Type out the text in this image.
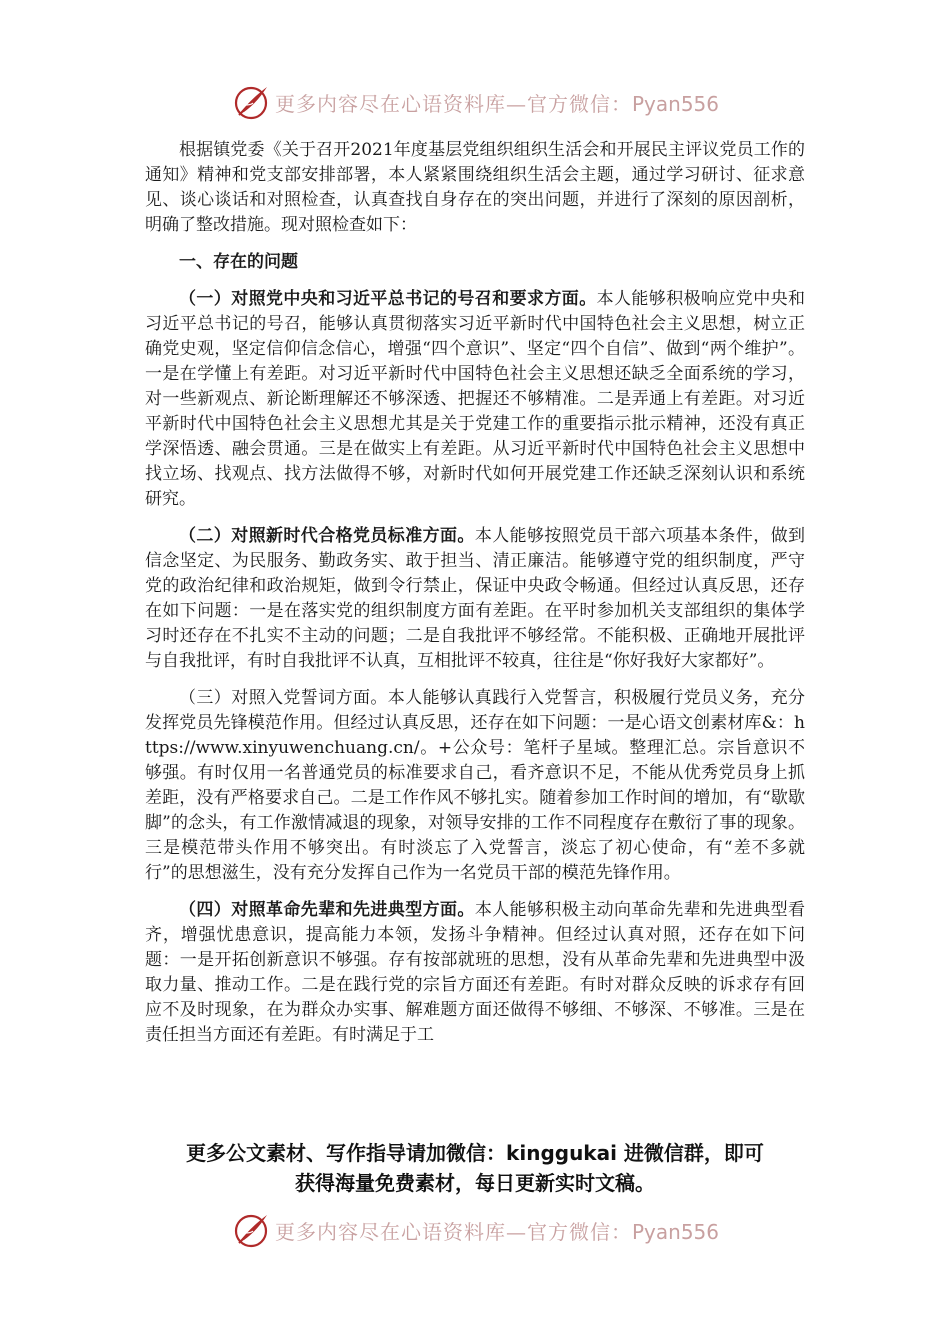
更多内容尽在心语资料库—官方微信：Pyan556

根据镇党委《关于召开2021年度基层党组织组织生活会和开展民主评议党员工作的通知》精神和党支部安排部署，本人紧紧围绕组织生活会主题，通过学习研讨、征求意见、谈心谈话和对照检查，认真查找自身存在的突出问题，并进行了深刻的原因剖析，明确了整改措施。现对照检查如下：

一、存在的问题

（一）对照党中央和习近平总书记的号召和要求方面。本人能够积极响应党中央和习近平总书记的号召，能够认真贯彻落实习近平新时代中国特色社会主义思想，树立正确党史观，坚定信仰信念信心，增强“四个意识”、坚定“四个自信”、做到“两个维护”。一是在学懂上有差距。对习近平新时代中国特色社会主义思想还缺乏全面系统的学习，对一些新观点、新论断理解还不够深透、把握还不够精准。二是弄通上有差距。对习近平新时代中国特色社会主义思想尤其是关于党建工作的重要指示批示精神，还没有真正学深悟透、融会贯通。三是在做实上有差距。从习近平新时代中国特色社会主义思想中找立场、找观点、找方法做得不够，对新时代如何开展党建工作还缺乏深刻认识和系统研究。

（二）对照新时代合格党员标准方面。本人能够按照党员干部六项基本条件，做到信念坚定、为民服务、勤政务实、敢于担当、清正廉洁。能够遵守党的组织制度，严守党的政治纪律和政治规矩，做到令行禁止，保证中央政令畅通。但经过认真反思，还存在如下问题：一是在落实党的组织制度方面有差距。在平时参加机关支部组织的集体学习时还存在不扎实不主动的问题；二是自我批评不够经常。不能积极、正确地开展批评与自我批评，有时自我批评不认真，互相批评不较真，往往是“你好我好大家都好”。

（三）对照入党誓词方面。本人能够认真践行入党誓言，积极履行党员义务，充分发挥党员先锋模范作用。但经过认真反思，还存在如下问题：一是心语文创素材库&：https://www.xinyuwenchuang.cn/。+公众号：笔杆子星域。整理汇总。宗旨意识不够强。有时仅用一名普通党员的标准要求自己，看齐意识不足，不能从优秀党员身上抓差距，没有严格要求自己。二是工作作风不够扎实。随着参加工作时间的增加，有“歇歇脚”的念头，有工作激情减退的现象，对领导安排的工作不同程度存在敷衍了事的现象。三是模范带头作用不够突出。有时淡忘了入党誓言，淡忘了初心使命，有“差不多就行”的思想滋生，没有充分发挥自己作为一名党员干部的模范先锋作用。

（四）对照革命先辈和先进典型方面。本人能够积极主动向革命先辈和先进典型看齐，增强忧患意识，提高能力本领，发扬斗争精神。但经过认真对照，还存在如下问题：一是开拓创新意识不够强。存有按部就班的思想，没有从革命先辈和先进典型中汲取力量、推动工作。二是在践行党的宗旨方面还有差距。有时对群众反映的诉求存有回应不及时现象，在为群众办实事、解难题方面还做得不够细、不够深、不够准。三是在责任担当方面还有差距。有时满足于工

更多公文素材、写作指导请加微信：kinggukai 进微信群，即可
获得海量免费素材，每日更新实时文稿。
更多内容尽在心语资料库—官方微信：Pyan556
